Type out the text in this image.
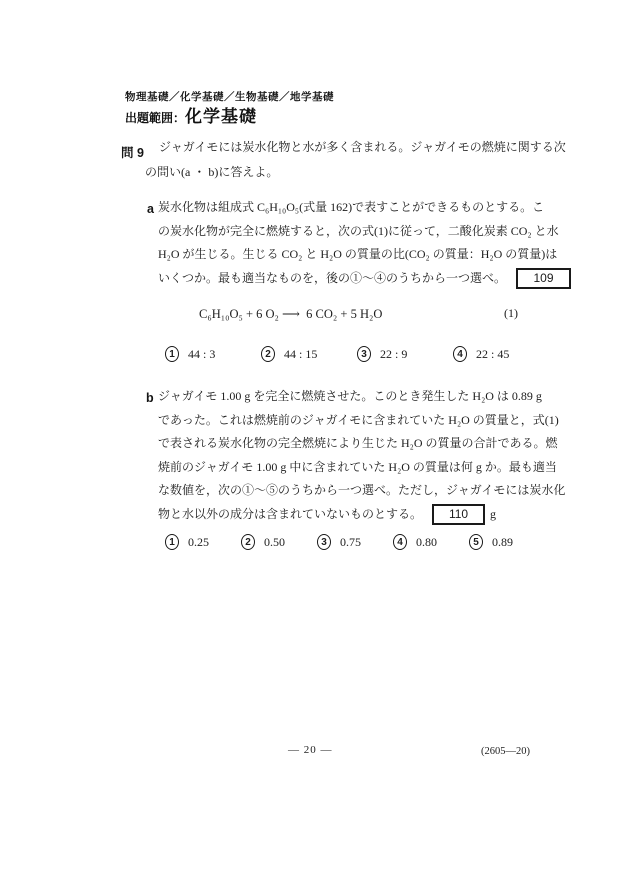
物理基礎／化学基礎／生物基礎／地学基礎
出題範囲： 化学基礎
問 9 ジャガイモには炭水化物と水が多く含まれる。ジャガイモの燃焼に関する次
の問い(a ・ b)に答えよ。
a 炭水化物は組成式 C₆H₁₀O₅(式量 162)で表すことができるものとする。こ
の炭水化物が完全に燃焼すると，次の式(1)に従って，二酸化炭素 CO₂ と水
H₂O が生じる。生じる CO₂ と H₂O の質量の比(CO₂ の質量：H₂O の質量)は
いくつか。最も適当なものを，後の①～④のうちから一つ選べ。	109
C₆H₁₀O₅ + 6 O₂ ⟶  6 CO₂ + 5 H₂O	(1)
1	44 : 3	2	44 : 15	3	22 : 9	4	22 : 45
b ジャガイモ 1.00 g を完全に燃焼させた。このとき発生した H₂O は 0.89 g
であった。これは燃焼前のジャガイモに含まれていた H₂O の質量と，式(1)
で表される炭水化物の完全燃焼により生じた H₂O の質量の合計である。燃
焼前のジャガイモ 1.00 g 中に含まれていた H₂O の質量は何 g か。最も適当
な数値を，次の①～⑤のうちから一つ選べ。ただし，ジャガイモには炭水化
物と水以外の成分は含まれていないものとする。	110	g
1	0.25	2	0.50	3	0.75	4	0.80	5	0.89
— 20 —	(2605—20)
